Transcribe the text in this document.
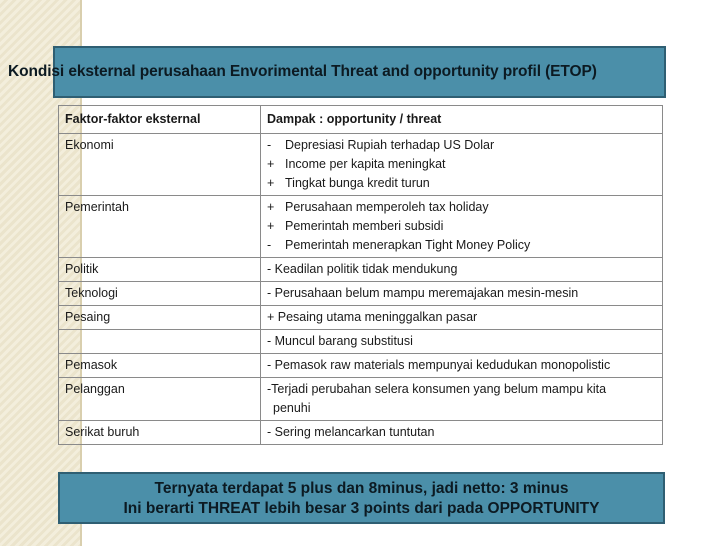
Kondisi eksternal perusahaan Envorimental Threat and opportunity profil (ETOP)
Faktor-faktor eksternal	Dampak : opportunity / threat
Ekonomi	- Depresiasi Rupiah terhadap US Dolar
+ Income per kapita meningkat
+ Tingkat bunga kredit turun

Pemerintah	+ Perusahaan memperoleh tax holiday
+ Pemerintah memberi subsidi
- Pemerintah menerapkan Tight Money Policy

Politik	- Keadilan politik tidak mendukung
Teknologi	- Perusahaan belum mampu meremajakan mesin-mesin
Pesaing	+ Pesaing utama meninggalkan pasar
	- Muncul barang substitusi
Pemasok	- Pemasok raw materials mempunyai kedudukan monopolistic
Pelanggan	-Terjadi perubahan selera konsumen yang belum mampu kita
penuhi

Serikat buruh	- Sering melancarkan tuntutan
Ternyata terdapat 5 plus dan 8minus, jadi netto: 3 minus
Ini berarti THREAT lebih besar 3 points dari pada OPPORTUNITY
